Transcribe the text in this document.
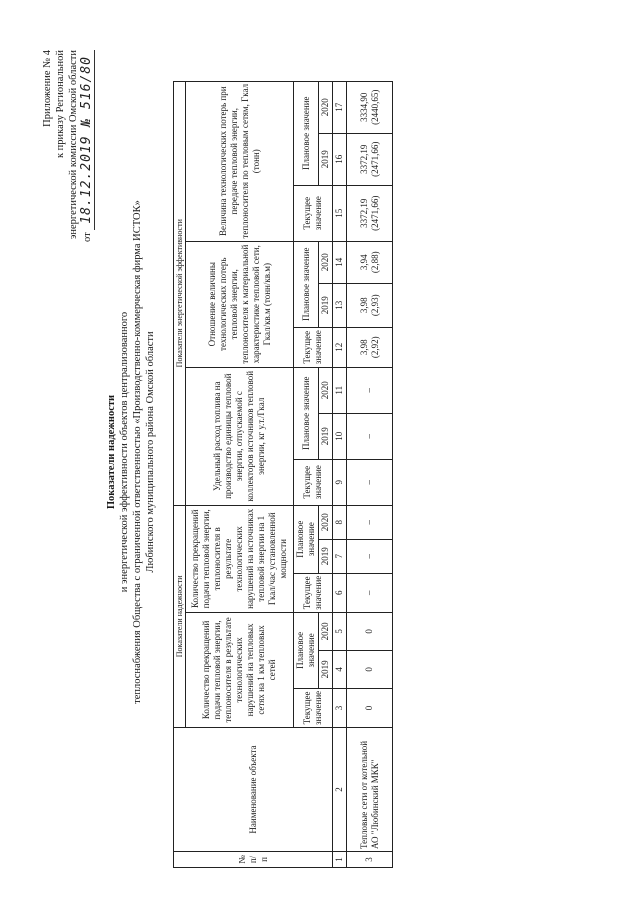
Приложение № 4 к приказу Региональной энергетической комиссии Омской области от 18.12.2019 № 516/80
Показатели надежности и энергетической эффективности объектов централизованного теплоснабжения Общества с ограниченной ответственностью «Производственно-коммерческая фирма ИСТОК» Любинского муниципального района Омской области
№ п/п	Наименование объекта	Показатели надежности						Показатели энергетической эффективности								
		Количество прекращений подачи тепловой энергии, теплоносителя в результате технологических нарушений на тепловых сетях на 1 км тепловых сетей			Количество прекращений подачи тепловой энергии, теплоносителя в результате технологических нарушений на источниках тепловой энергии на 1 Гкал/час установленной мощности			Удельный расход топлива на производство единицы тепловой энергии, отпускаемой с коллекторов источников тепловой энергии, кг у.т./Гкал			Отношение величины технологических потерь тепловой энергии, теплоносителя к материальной характеристике тепловой сети, Гкал/кв.м (тонн/кв.м)			Величина технологических потерь при передаче тепловой энергии, теплоносителя по тепловым сетям, Гкал (тонн)		
		Текущее значение	Плановое значение		Текущее значение	Плановое значение		Текущее значение	Плановое значение		Текущее значение	Плановое значение		Текущее значение	Плановое значение	
			2019	2020		2019	2020		2019	2020		2019	2020		2019	2020
1	2	3	4	5	6	7	8	9	10	11	12	13	14	15	16	17
3	Тепловые сети от котельной АО "Любинский МКК"	0	0	0	–	–	–	–	–	–	3,98 (2,92)	3,98 (2,93)	3,94 (2,88)	3372,19 (2471,66)	3372,19 (2471,66)	3334,90 (2440,65)
